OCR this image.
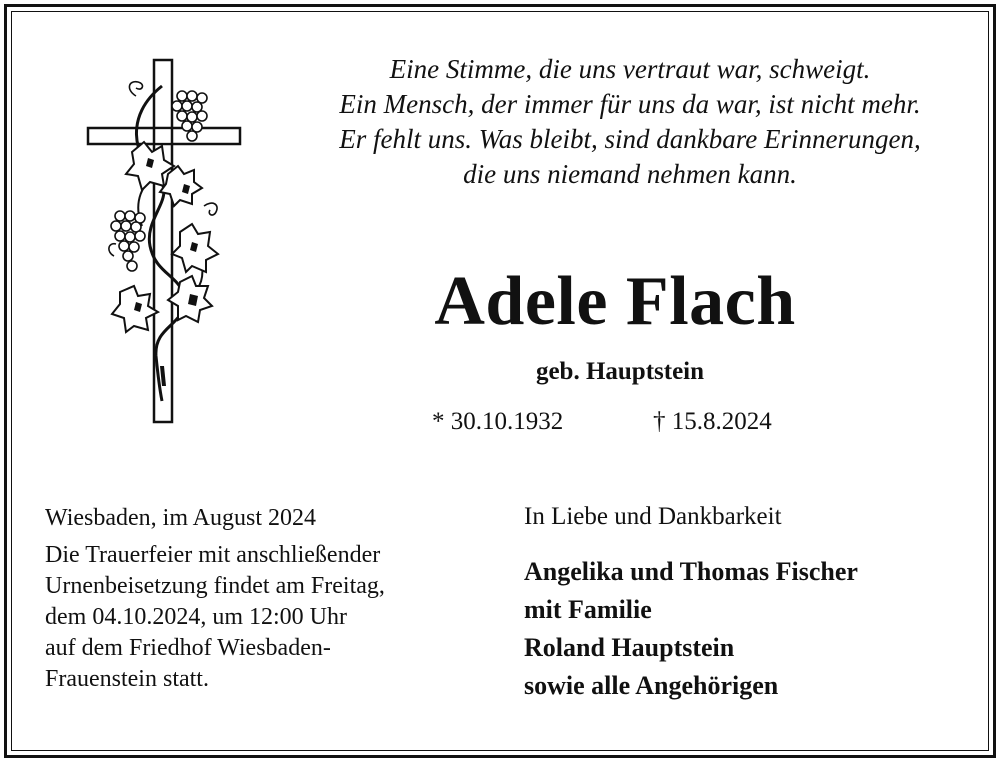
Eine Stimme, die uns vertraut war, schweigt.
Ein Mensch, der immer für uns da war, ist nicht mehr.
Er fehlt uns. Was bleibt, sind dankbare Erinnerungen,
die uns niemand nehmen kann.
Adele Flach
geb. Hauptstein
* 30.10.1932	† 15.8.2024
Wiesbaden, im August 2024
Die Trauerfeier mit anschließender
Urnenbeisetzung findet am Freitag,
dem 04.10.2024, um 12:00 Uhr
auf dem Friedhof Wiesbaden-
Frauenstein statt.
In Liebe und Dankbarkeit
Angelika und Thomas Fischer
mit Familie
Roland Hauptstein
sowie alle Angehörigen
